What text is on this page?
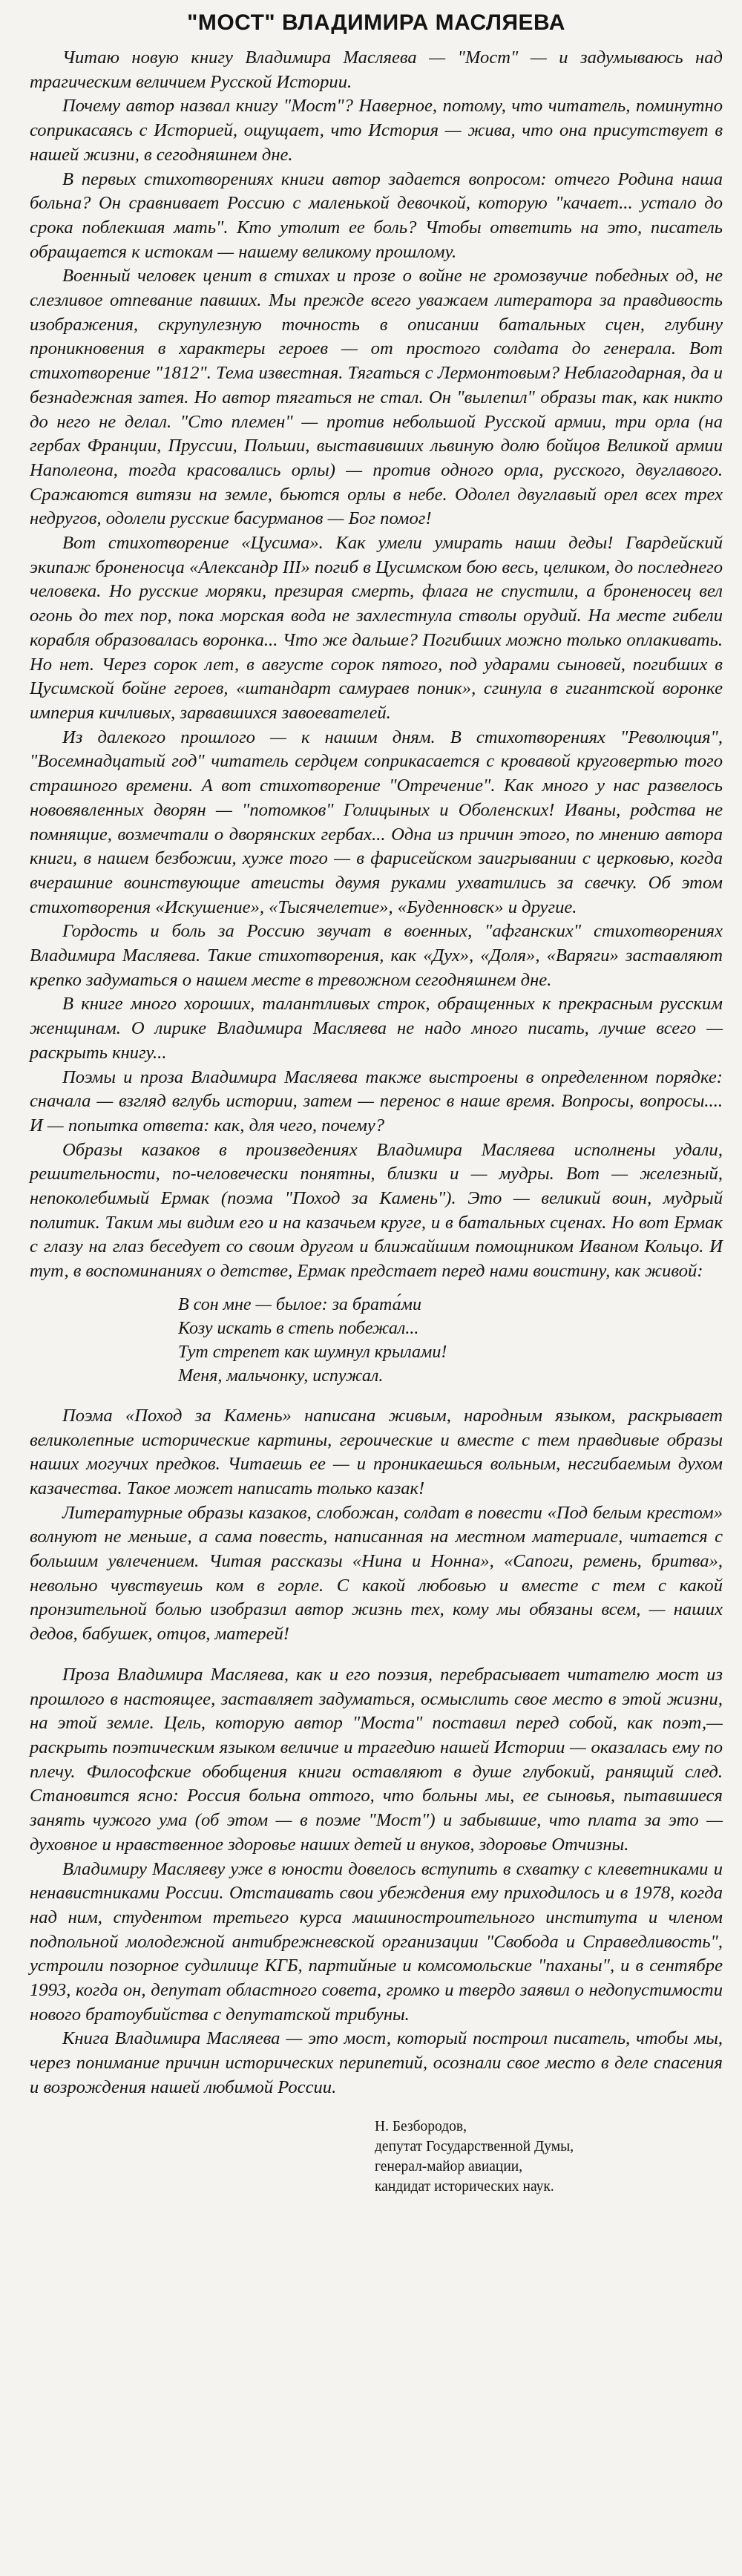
"МОСТ" ВЛАДИМИРА МАСЛЯЕВА

Читаю новую книгу Владимира Масляева — "Мост" — и задумываюсь над трагическим величием Русской Истории.

Почему автор назвал книгу "Мост"? Наверное, потому, что читатель, поминутно соприкасаясь с Историей, ощущает, что История — жива, что она присутствует в нашей жизни, в сегодняшнем дне.

В первых стихотворениях книги автор задается вопросом: отчего Родина наша больна? Он сравнивает Россию с маленькой девочкой, которую "качает... устало до срока поблекшая мать". Кто утолит ее боль? Чтобы ответить на это, писатель обращается к истокам — нашему великому прошлому.

Военный человек ценит в стихах и прозе о войне не громозвучие победных од, не слезливое отпевание павших. Мы прежде всего уважаем литератора за правдивость изображения, скрупулезную точность в описании батальных сцен, глубину проникновения в характеры героев — от простого солдата до генерала. Вот стихотворение "1812". Тема известная. Тягаться с Лермонтовым? Неблагодарная, да и безнадежная затея. Но автор тягаться не стал. Он "вылепил" образы так, как никто до него не делал. "Сто племен" — против небольшой Русской армии, три орла (на гербах Франции, Пруссии, Польши, выставивших львиную долю бойцов Великой армии Наполеона, тогда красовались орлы) — против одного орла, русского, двуглавого. Сражаются витязи на земле, бьются орлы в небе. Одолел двуглавый орел всех трех недругов, одолели русские басурманов — Бог помог!

Вот стихотворение «Цусима». Как умели умирать наши деды! Гвардейский экипаж броненосца «Александр III» погиб в Цусимском бою весь, целиком, до последнего человека. Но русские моряки, презирая смерть, флага не спустили, а броненосец вел огонь до тех пор, пока морская вода не захлестнула стволы орудий. На месте гибели корабля образовалась воронка... Что же дальше? Погибших можно только оплакивать. Но нет. Через сорок лет, в августе сорок пятого, под ударами сыновей, погибших в Цусимской бойне героев, «штандарт самураев поник», сгинула в гигантской воронке империя кичливых, зарвавшихся завоевателей.

Из далекого прошлого — к нашим дням. В стихотворениях "Революция", "Восемнадцатый год" читатель сердцем соприкасается с кровавой круговертью того страшного времени. А вот стихотворение "Отречение". Как много у нас развелось нововявленных дворян — "потомков" Голицыных и Оболенских! Иваны, родства не помнящие, возмечтали о дворянских гербах... Одна из причин этого, по мнению автора книги, в нашем безбожии, хуже того — в фарисейском заигрывании с церковью, когда вчерашние воинствующие атеисты двумя руками ухватились за свечку. Об этом стихотворения «Искушение», «Тысячелетие», «Буденновск» и другие.

Гордость и боль за Россию звучат в военных, "афганских" стихотворениях Владимира Масляева. Такие стихотворения, как «Дух», «Доля», «Варяги» заставляют крепко задуматься о нашем месте в тревожном сегодняшнем дне.

В книге много хороших, талантливых строк, обращенных к прекрасным русским женщинам. О лирике Владимира Масляева не надо много писать, лучше всего — раскрыть книгу...

Поэмы и проза Владимира Масляева также выстроены в определенном порядке: сначала — взгляд вглубь истории, затем — перенос в наше время. Вопросы, вопросы.... И — попытка ответа: как, для чего, почему?

Образы казаков в произведениях Владимира Масляева исполнены удали, решительности, по-человечески понятны, близки и — мудры. Вот — железный, непоколебимый Ермак (поэма "Поход за Камень"). Это — великий воин, мудрый политик. Таким мы видим его и на казачьем круге, и в батальных сценах. Но вот Ермак с глазу на глаз беседует со своим другом и ближайшим помощником Иваном Кольцо. И тут, в воспоминаниях о детстве, Ермак предстает перед нами воистину, как живой:

В сон мне — былое: за брата́ми
Козу искать в степь побежал...
Тут стрепет как шумнул крылами!
Меня, мальчонку, испужал.

Поэма «Поход за Камень» написана живым, народным языком, раскрывает великолепные исторические картины, героические и вместе с тем правдивые образы наших могучих предков. Читаешь ее — и проникаешься вольным, несгибаемым духом казачества. Такое может написать только казак!

Литературные образы казаков, слобожан, солдат в повести «Под белым крестом» волнуют не меньше, а сама повесть, написанная на местном материале, читается с большим увлечением. Читая рассказы «Нина и Нонна», «Сапоги, ремень, бритва», невольно чувствуешь ком в горле. С какой любовью и вместе с тем с какой пронзительной болью изобразил автор жизнь тех, кому мы обязаны всем, — наших дедов, бабушек, отцов, матерей!

Проза Владимира Масляева, как и его поэзия, перебрасывает читателю мост из прошлого в настоящее, заставляет задуматься, осмыслить свое место в этой жизни, на этой земле. Цель, которую автор "Моста" поставил перед собой, как поэт,— раскрыть поэтическим языком величие и трагедию нашей Истории — оказалась ему по плечу. Философские обобщения книги оставляют в душе глубокий, ранящий след. Становится ясно: Россия больна оттого, что больны мы, ее сыновья, пытавшиеся занять чужого ума (об этом — в поэме "Мост") и забывшие, что плата за это — духовное и нравственное здоровье наших детей и внуков, здоровье Отчизны.

Владимиру Масляеву уже в юности довелось вступить в схватку с клеветниками и ненавистниками России. Отстаивать свои убеждения ему приходилось и в 1978, когда над ним, студентом третьего курса машиностроительного института и членом подпольной молодежной антибрежневской организации "Свобода и Справедливость", устроили позорное судилище КГБ, партийные и комсомольские "паханы", и в сентябре 1993, когда он, депутат областного совета, громко и твердо заявил о недопустимости нового братоубийства с депутатской трибуны.

Книга Владимира Масляева — это мост, который построил писатель, чтобы мы, через понимание причин исторических перипетий, осознали свое место в деле спасения и возрождения нашей любимой России.

Н. Безбородов,
депутат Государственной Думы,
генерал-майор авиации,
кандидат исторических наук.
